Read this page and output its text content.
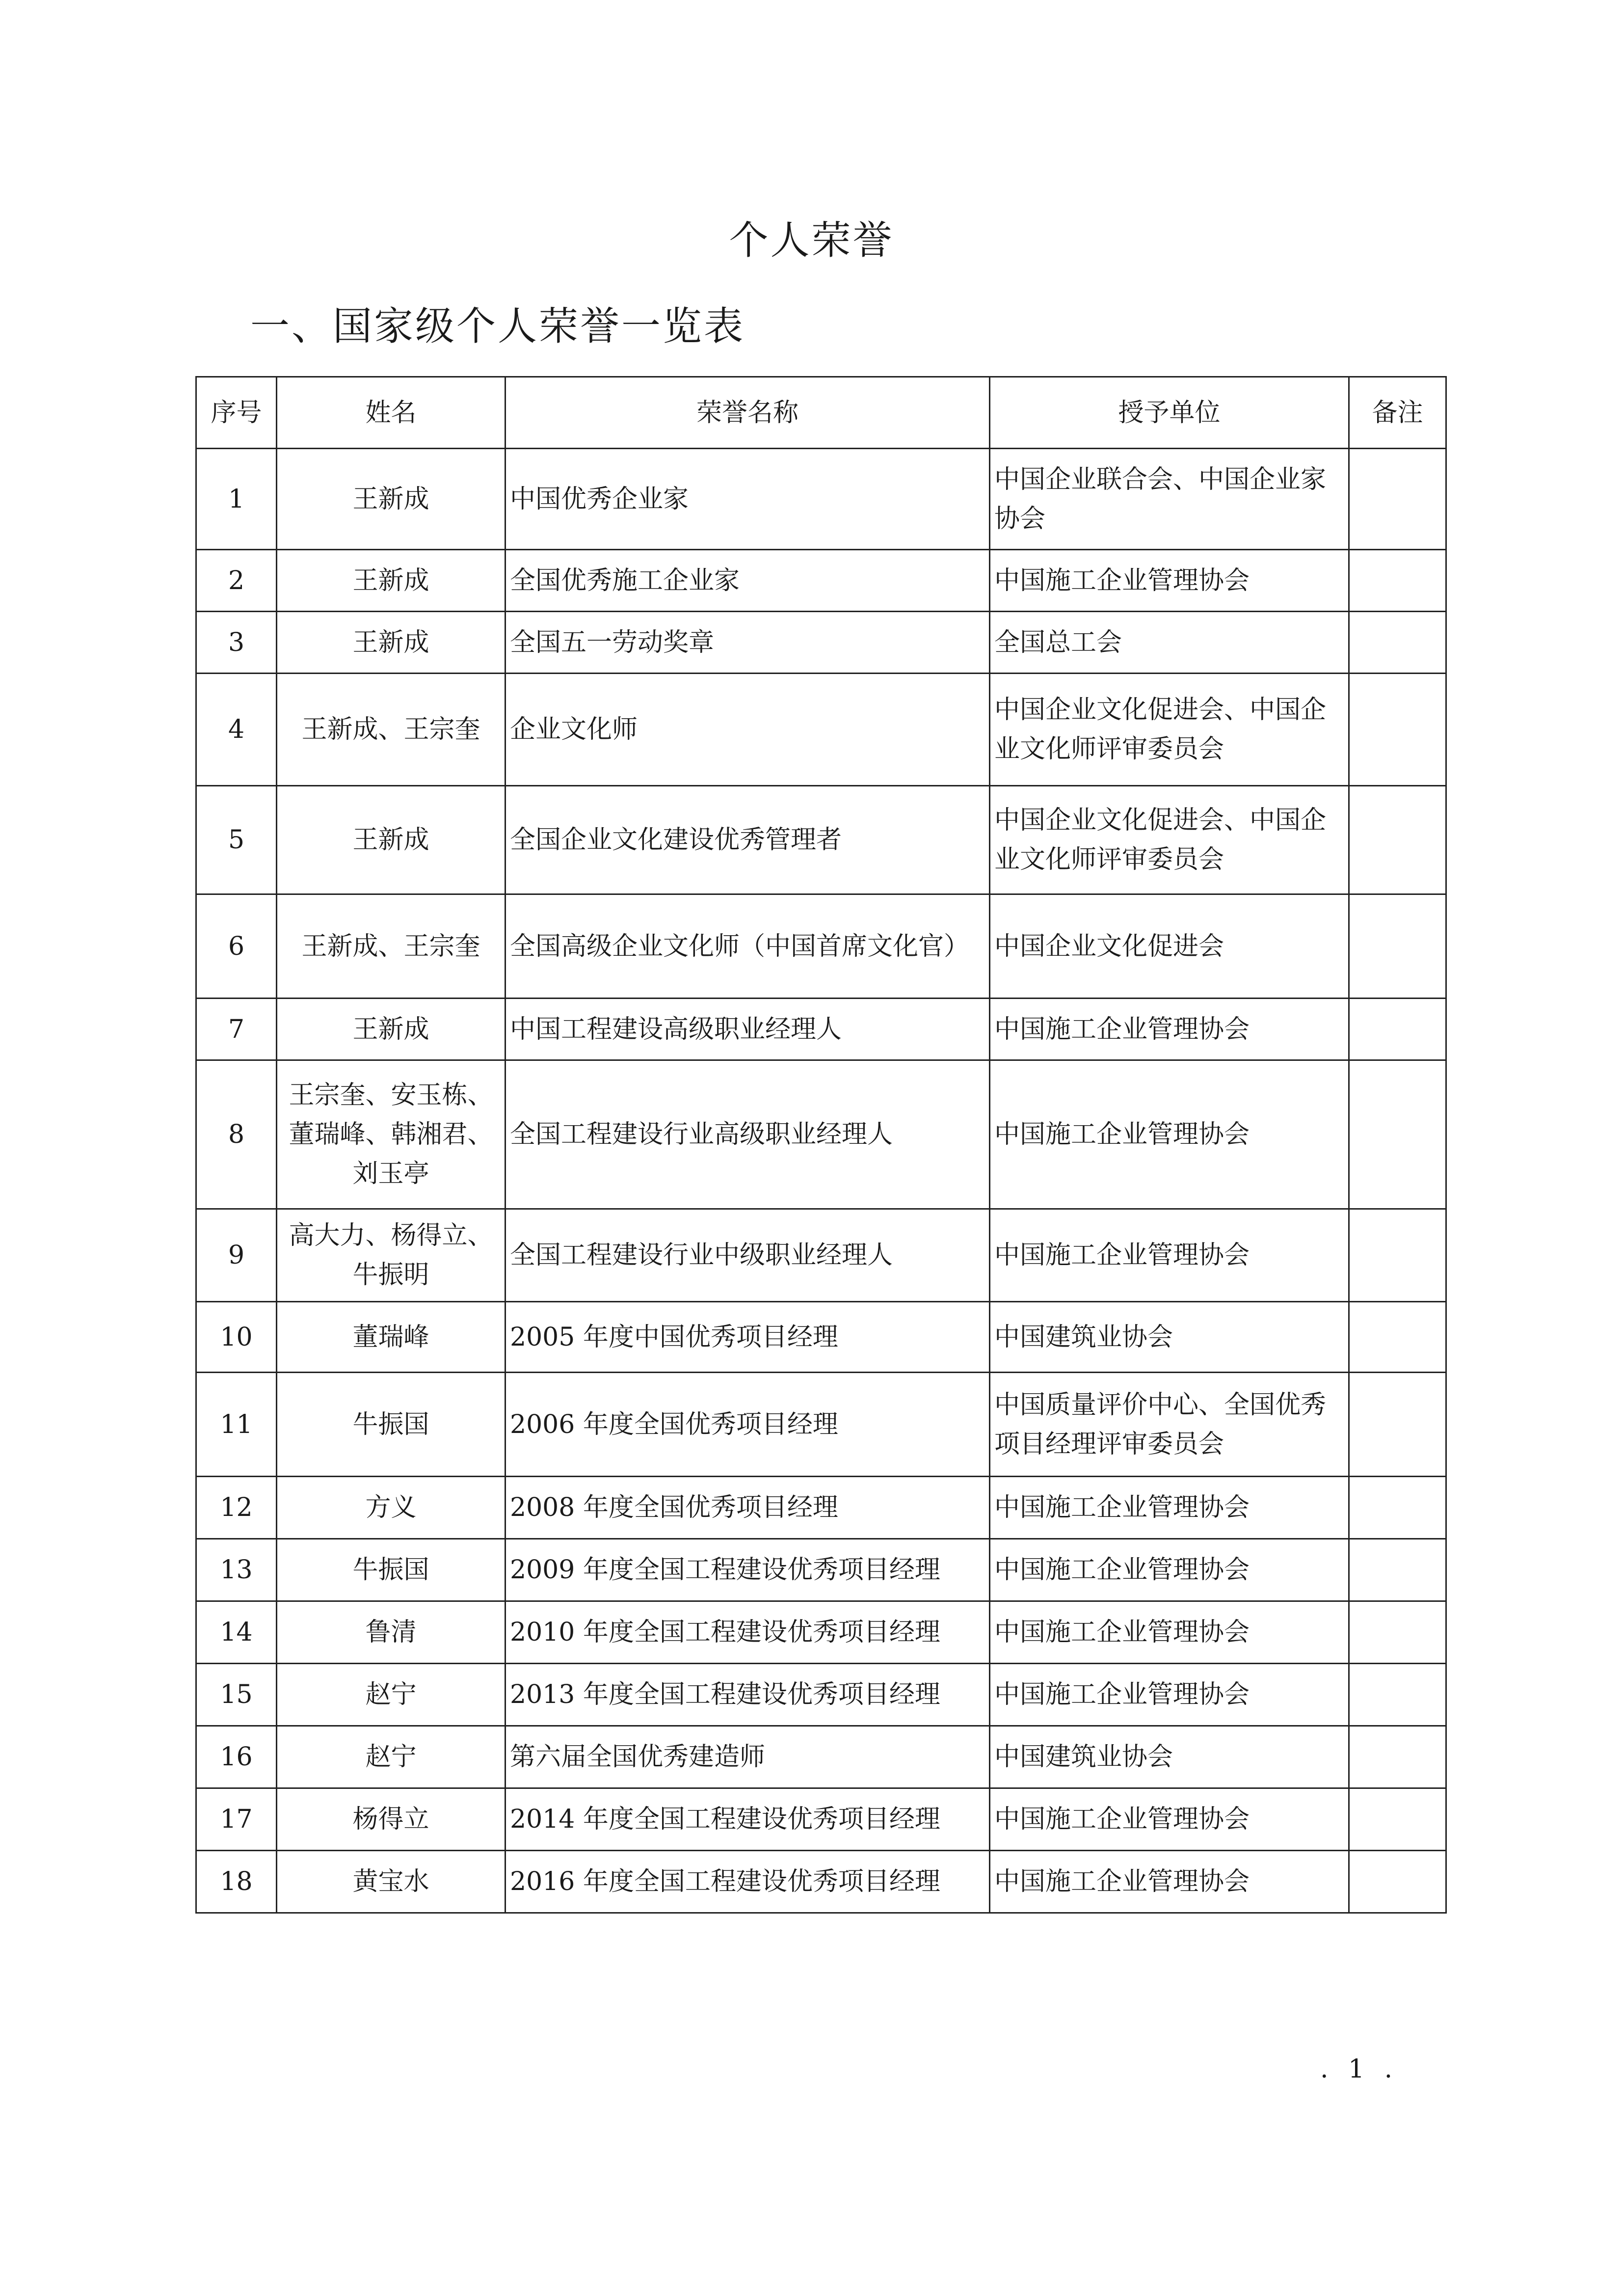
个人荣誉
一、国家级个人荣誉一览表
序号	姓名	荣誉名称	授予单位	备注
1	王新成	中国优秀企业家	中国企业联合会、中国企业家协会	
2	王新成	全国优秀施工企业家	中国施工企业管理协会	
3	王新成	全国五一劳动奖章	全国总工会	
4	王新成、王宗奎	企业文化师	中国企业文化促进会、中国企业文化师评审委员会	
5	王新成	全国企业文化建设优秀管理者	中国企业文化促进会、中国企业文化师评审委员会	
6	王新成、王宗奎	全国高级企业文化师（中国首席文化官）	中国企业文化促进会	
7	王新成	中国工程建设高级职业经理人	中国施工企业管理协会	
8	王宗奎、安玉栋、董瑞峰、韩湘君、刘玉亭	全国工程建设行业高级职业经理人	中国施工企业管理协会	
9	高大力、杨得立、牛振明	全国工程建设行业中级职业经理人	中国施工企业管理协会	
10	董瑞峰	2005 年度中国优秀项目经理	中国建筑业协会	
11	牛振国	2006 年度全国优秀项目经理	中国质量评价中心、全国优秀项目经理评审委员会	
12	方义	2008 年度全国优秀项目经理	中国施工企业管理协会	
13	牛振国	2009 年度全国工程建设优秀项目经理	中国施工企业管理协会	
14	鲁清	2010 年度全国工程建设优秀项目经理	中国施工企业管理协会	
15	赵宁	2013 年度全国工程建设优秀项目经理	中国施工企业管理协会	
16	赵宁	第六届全国优秀建造师	中国建筑业协会	
17	杨得立	2014 年度全国工程建设优秀项目经理	中国施工企业管理协会	
18	黄宝水	2016 年度全国工程建设优秀项目经理	中国施工企业管理协会	
. 1 .
